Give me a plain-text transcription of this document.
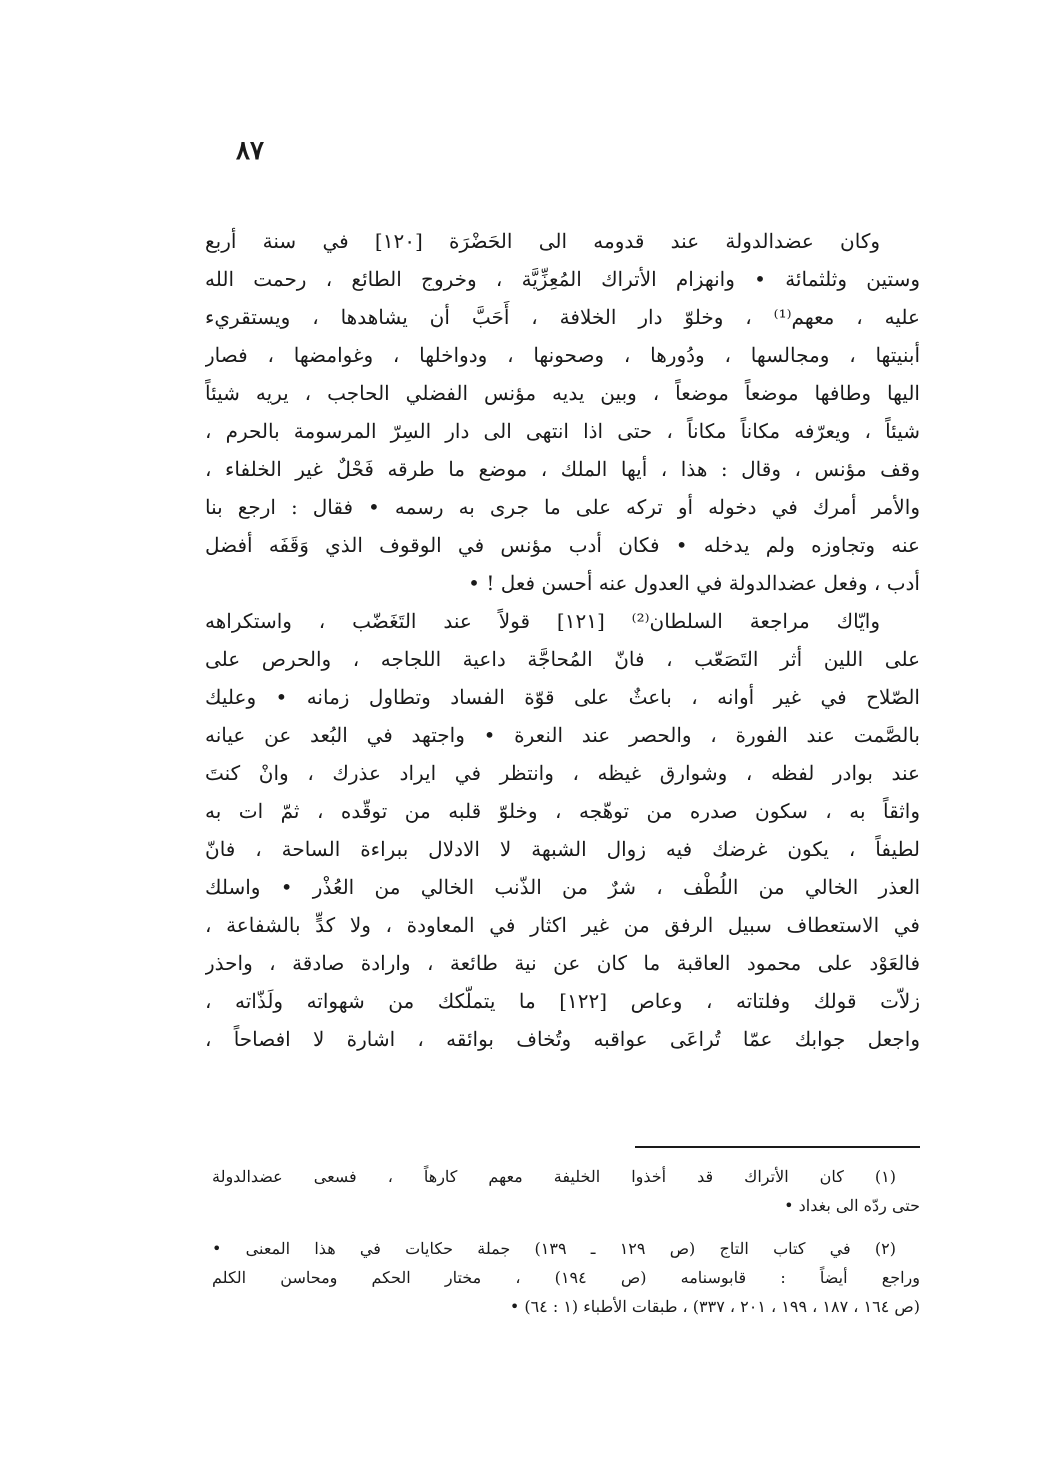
٨٧
وكان عضدالدولة عند قدومه الى الحَضْرَة [١٢٠] في سنة أربع
وستين وثلثمائة • وانهزام الأتراك المُعِزِّيَّة ، وخروج الطائع ، رحمت الله
عليه ، معهم⁽¹⁾ ، وخلوّ دار الخلافة ، أَحَبَّ أن يشاهدها ، ويستقريء
أبنيتها ، ومجالسها ، ودُورها ، وصحونها ، ودواخلها ، وغوامضها ، فصار
اليها وطافها موضعاً موضعاً ، وبين يديه مؤنس الفضلي الحاجب ، يريه شيئاً
شيئاً ، ويعرّفه مكاناً مكاناً ، حتى اذا انتهى الى دار السِرّ المرسومة بالحرم ،
وقف مؤنس ، وقال : هذا ، أيها الملك ، موضع ما طرقه فَحْلٌ غير الخلفاء ،
والأمر أمرك في دخوله أو تركه على ما جرى به رسمه • فقال : ارجع بنا
عنه وتجاوزه ولم يدخله • فكان أدب مؤنس في الوقوف الذي وَقَفَه أفضل
أدب ، وفعل عضدالدولة في العدول عنه أحسن فعل ! •
وايّاك مراجعة السلطان⁽²⁾ [١٢١] قولاً عند التَغَضّب ، واستكراهه
على اللين أثر التَصَعّب ، فانّ المُحاجَّة داعية اللجاجه ، والحرص على
الصّلاح في غير أوانه ، باعثٌ على قوّة الفساد وتطاول زمانه • وعليك
بالصَّمت عند الفورة ، والحصر عند النعرة • واجتهد في البُعد عن عيانه
عند بوادر لفظه ، وشوارق غيظه ، وانتظر في ايراد عذرك ، وانْ كنتَ
واثقاً به ، سكون صدره من توهّجه ، وخلوّ قلبه من توقّده ، ثمّ ات به
لطيفاً ، يكون غرضك فيه زوال الشبهة لا الادلال ببراءة الساحة ، فانّ
العذر الخالي من اللُطْف ، شرٌ من الذّنب الخالي من العُذْر • واسلك
في الاستعطاف سبيل الرفق من غير اكثار في المعاودة ، ولا كدٍّ بالشفاعة ،
فالعَوْد على محمود العاقبة ما كان عن نية طائعة ، وارادة صادقة ، واحذر
زلاّت قولك وفلتاته ، وعاص [١٢٢] ما يتملّكك من شهواته ولَذّاته ،
واجعل جوابك عمّا تُراعَى عواقبه وتُخاف بوائقه ، اشارة لا افصاحاً ،
(١) كان الأتراك قد أخذوا الخليفة معهم كارهاً ، فسعى عضدالدولة
حتى ردّه الى بغداد •
(٢) في كتاب التاج (ص ١٢٩ ـ ١٣٩) جملة حكايات في هذا المعنى •
وراجع أيضاً : قابوسنامه (ص ١٩٤) ، مختار الحكم ومحاسن الكلم
(ص ١٦٤ ، ١٨٧ ، ١٩٩ ، ٢٠١ ، ٣٣٧) ، طبقات الأطباء (١ : ٦٤) •
